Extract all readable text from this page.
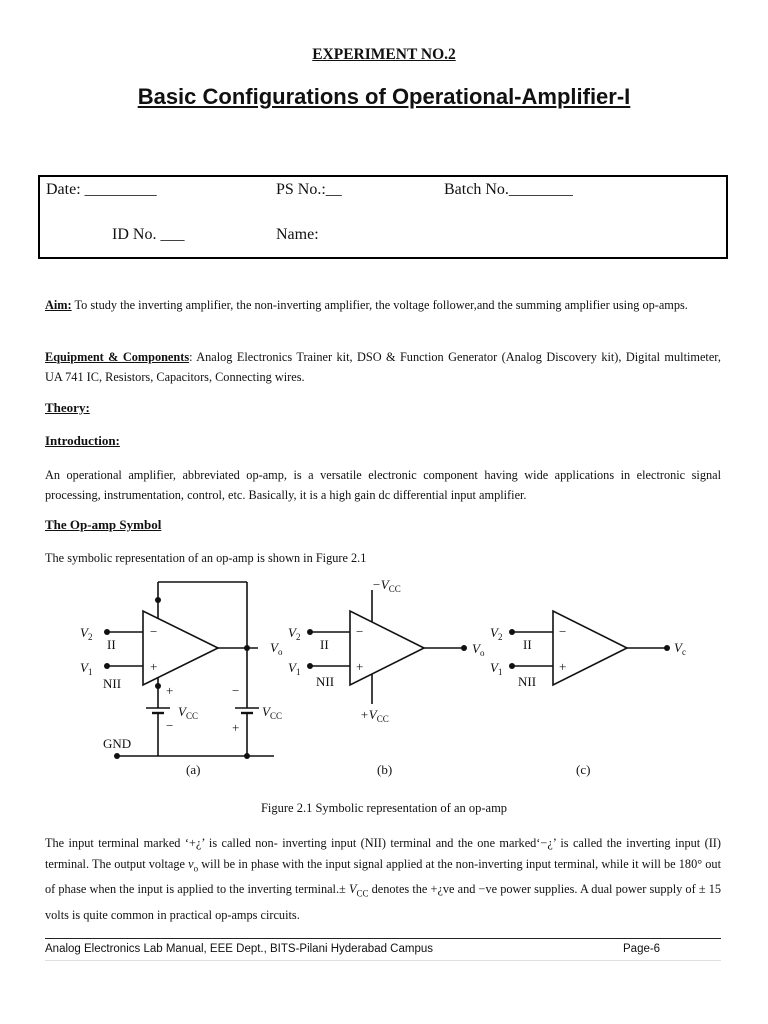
EXPERIMENT NO.2
Basic Configurations of Operational-Amplifier-I
Date: _________	PS No.:__	Batch No.________
ID No. ___	Name:

Aim: To study the inverting amplifier, the non-inverting amplifier, the voltage follower,and the summing amplifier using op-amps.

Equipment & Components: Analog Electronics Trainer kit, DSO & Function Generator (Analog Discovery kit), Digital multimeter, UA 741 IC, Resistors, Capacitors, Connecting wires.

Theory:
Introduction:

An operational amplifier, abbreviated op-amp, is a versatile electronic component having wide applications in electronic signal processing, instrumentation, control, etc. Basically, it is a high gain dc differential input amplifier.

The Op-amp Symbol

The symbolic representation of an op-amp is shown in Figure 2.1

$V_2$
$V_1$
II
NII
−
+
$V_o$
+
−
−
+
$V_{CC}$	$V_{CC}$
GND
(a)
$V_2$
$V_1$
II
NII
−
+
$V_o$
$-V_{CC}$
$+V_{CC}$
(b)
$V_2$
$V_1$
II
NII
−
+
$V_c$
(c)
Figure 2.1 Symbolic representation of an op-amp

The input terminal marked ‘+¿’ is called non- inverting input (NII) terminal and the one marked‘−¿’ is called the inverting input (II) terminal. The output voltage $v_o$ will be in phase with the input signal applied at the non-inverting input terminal, while it will be 180° out of phase when the input is applied to the inverting terminal.± $V_{CC}$ denotes the +¿ve and −ve power supplies. A dual power supply of ± 15 volts is quite common in practical op-amps circuits.

Analog Electronics Lab Manual, EEE Dept., BITS-Pilani Hyderabad Campus	Page-6
